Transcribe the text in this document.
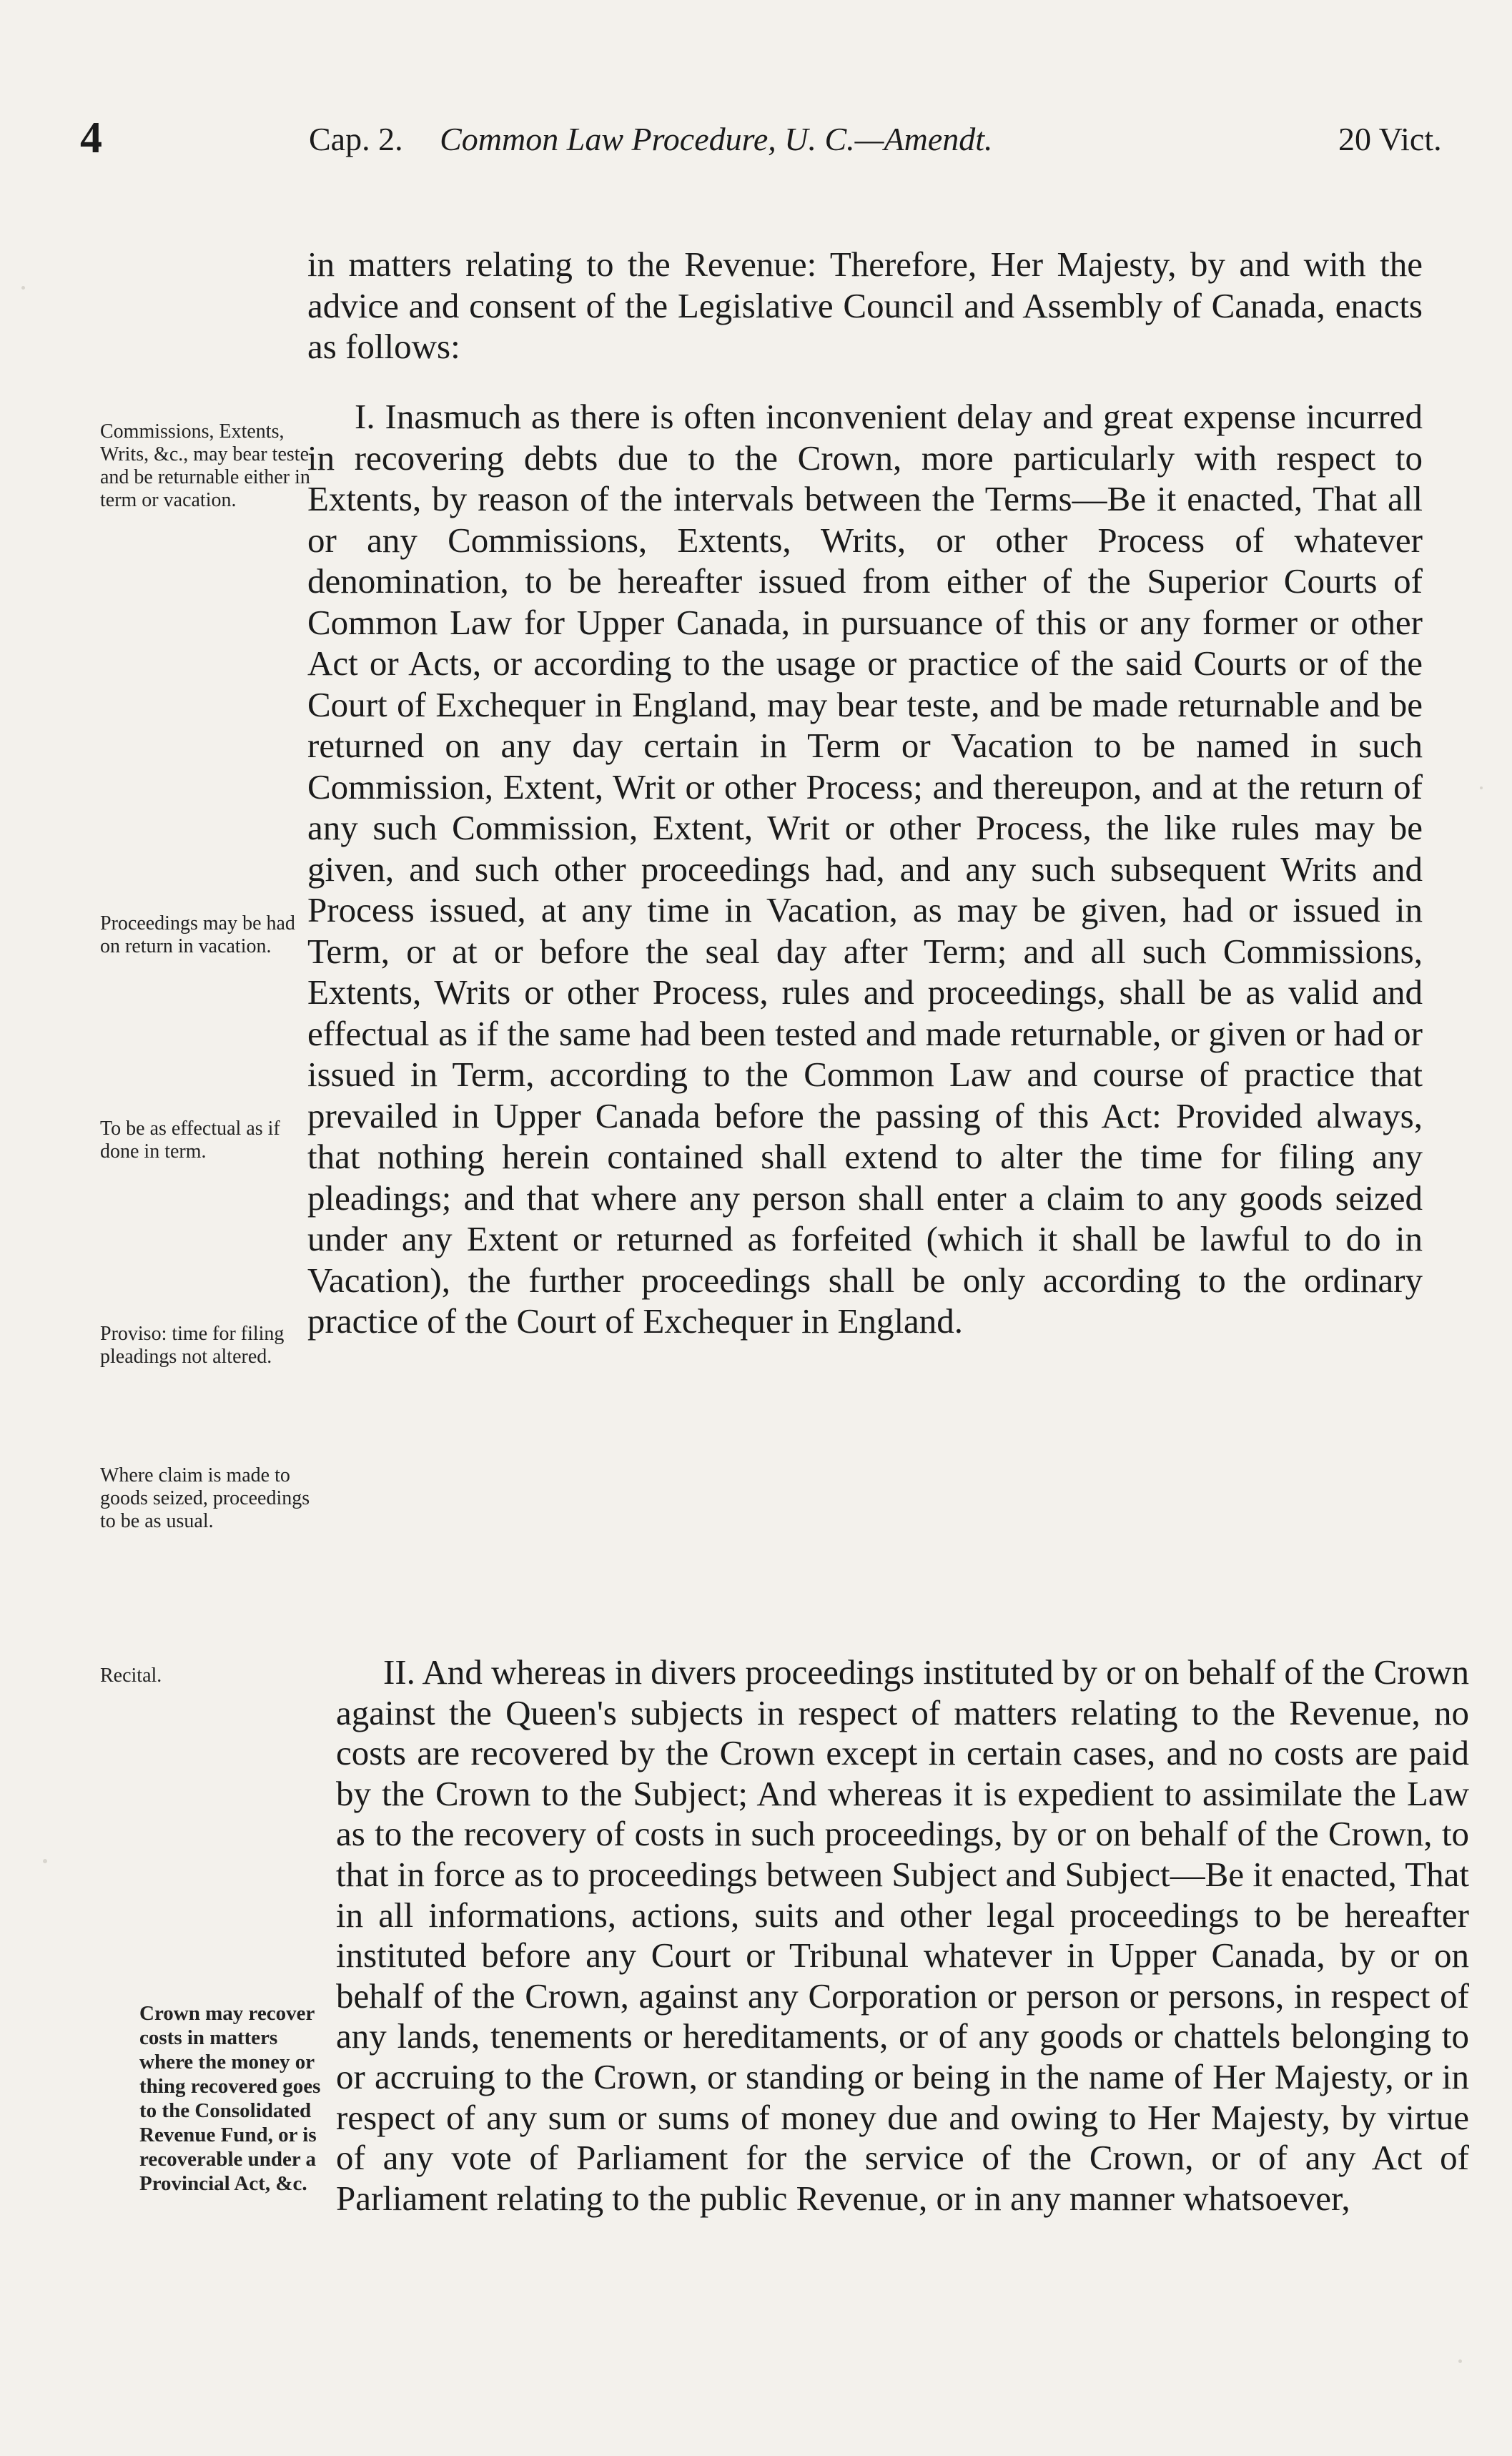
4	Cap. 2. Common Law Procedure, U. C.—Amendt.	20 Vict.

Commissions, Extents, Writs, &c., may bear teste and be returnable either in term or vacation.

Proceedings may be had on return in vacation.

To be as effectual as if done in term.

Proviso: time for filing pleadings not altered.

Where claim is made to goods seized, proceedings to be as usual.

Recital.

Crown may recover costs in matters where the money or thing recovered goes to the Consolidated Revenue Fund, or is recoverable under a Provincial Act, &c.

in matters relating to the Revenue: Therefore, Her Majesty, by and with the advice and consent of the Legislative Council and Assembly of Canada, enacts as follows:

I. Inasmuch as there is often inconvenient delay and great expense incurred in recovering debts due to the Crown, more particularly with respect to Extents, by reason of the intervals between the Terms—Be it enacted, That all or any Commissions, Extents, Writs, or other Process of whatever denomination, to be hereafter issued from either of the Superior Courts of Common Law for Upper Canada, in pursuance of this or any former or other Act or Acts, or according to the usage or practice of the said Courts or of the Court of Exchequer in England, may bear teste, and be made returnable and be returned on any day certain in Term or Vacation to be named in such Commission, Extent, Writ or other Process; and thereupon, and at the return of any such Commission, Extent, Writ or other Process, the like rules may be given, and such other proceedings had, and any such subsequent Writs and Process issued, at any time in Vacation, as may be given, had or issued in Term, or at or before the seal day after Term; and all such Commissions, Extents, Writs or other Process, rules and proceedings, shall be as valid and effectual as if the same had been tested and made returnable, or given or had or issued in Term, according to the Common Law and course of practice that prevailed in Upper Canada before the passing of this Act: Provided always, that nothing herein contained shall extend to alter the time for filing any pleadings; and that where any person shall enter a claim to any goods seized under any Extent or returned as forfeited (which it shall be lawful to do in Vacation), the further proceedings shall be only according to the ordinary practice of the Court of Exchequer in England.

II. And whereas in divers proceedings instituted by or on behalf of the Crown against the Queen's subjects in respect of matters relating to the Revenue, no costs are recovered by the Crown except in certain cases, and no costs are paid by the Crown to the Subject; And whereas it is expedient to assimilate the Law as to the recovery of costs in such proceedings, by or on behalf of the Crown, to that in force as to proceedings between Subject and Subject—Be it enacted, That in all informations, actions, suits and other legal proceedings to be hereafter instituted before any Court or Tribunal whatever in Upper Canada, by or on behalf of the Crown, against any Corporation or person or persons, in respect of any lands, tenements or hereditaments, or of any goods or chattels belonging to or accruing to the Crown, or standing or being in the name of Her Majesty, or in respect of any sum or sums of money due and owing to Her Majesty, by virtue of any vote of Parliament for the service of the Crown, or of any Act of Parliament relating to the public Revenue, or in any manner whatsoever,
